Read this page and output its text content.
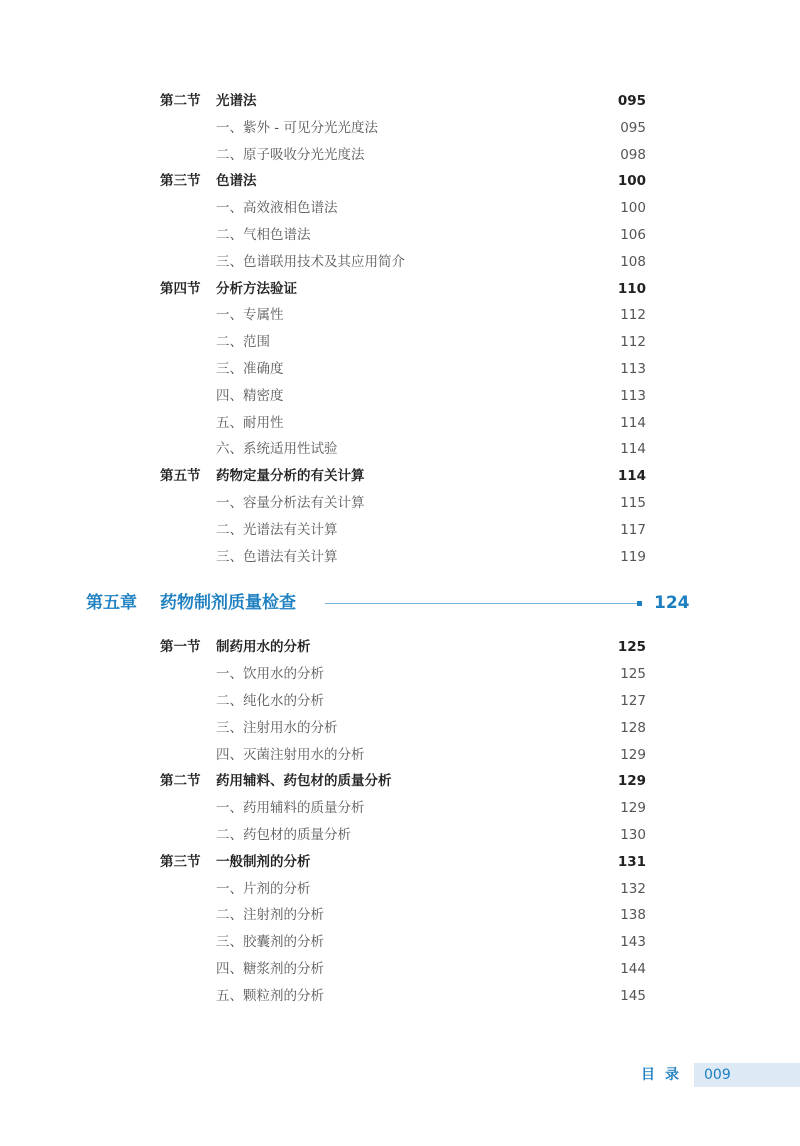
第二节 光谱法	095
一、紫外 - 可见分光光度法	095
二、原子吸收分光光度法	098
第三节 色谱法	100
一、高效液相色谱法	100
二、气相色谱法	106
三、色谱联用技术及其应用简介	108
第四节 分析方法验证	110
一、专属性	112
二、范围	112
三、准确度	113
四、精密度	113
五、耐用性	114
六、系统适用性试验	114
第五节 药物定量分析的有关计算	114
一、容量分析法有关计算	115
二、光谱法有关计算	117
三、色谱法有关计算	119
第五章 药物制剂质量检查	124
第一节 制药用水的分析	125
一、饮用水的分析	125
二、纯化水的分析	127
三、注射用水的分析	128
四、灭菌注射用水的分析	129
第二节 药用辅料、药包材的质量分析	129
一、药用辅料的质量分析	129
二、药包材的质量分析	130
第三节 一般制剂的分析	131
一、片剂的分析	132
二、注射剂的分析	138
三、胶囊剂的分析	143
四、糖浆剂的分析	144
五、颗粒剂的分析	145
目录 009
